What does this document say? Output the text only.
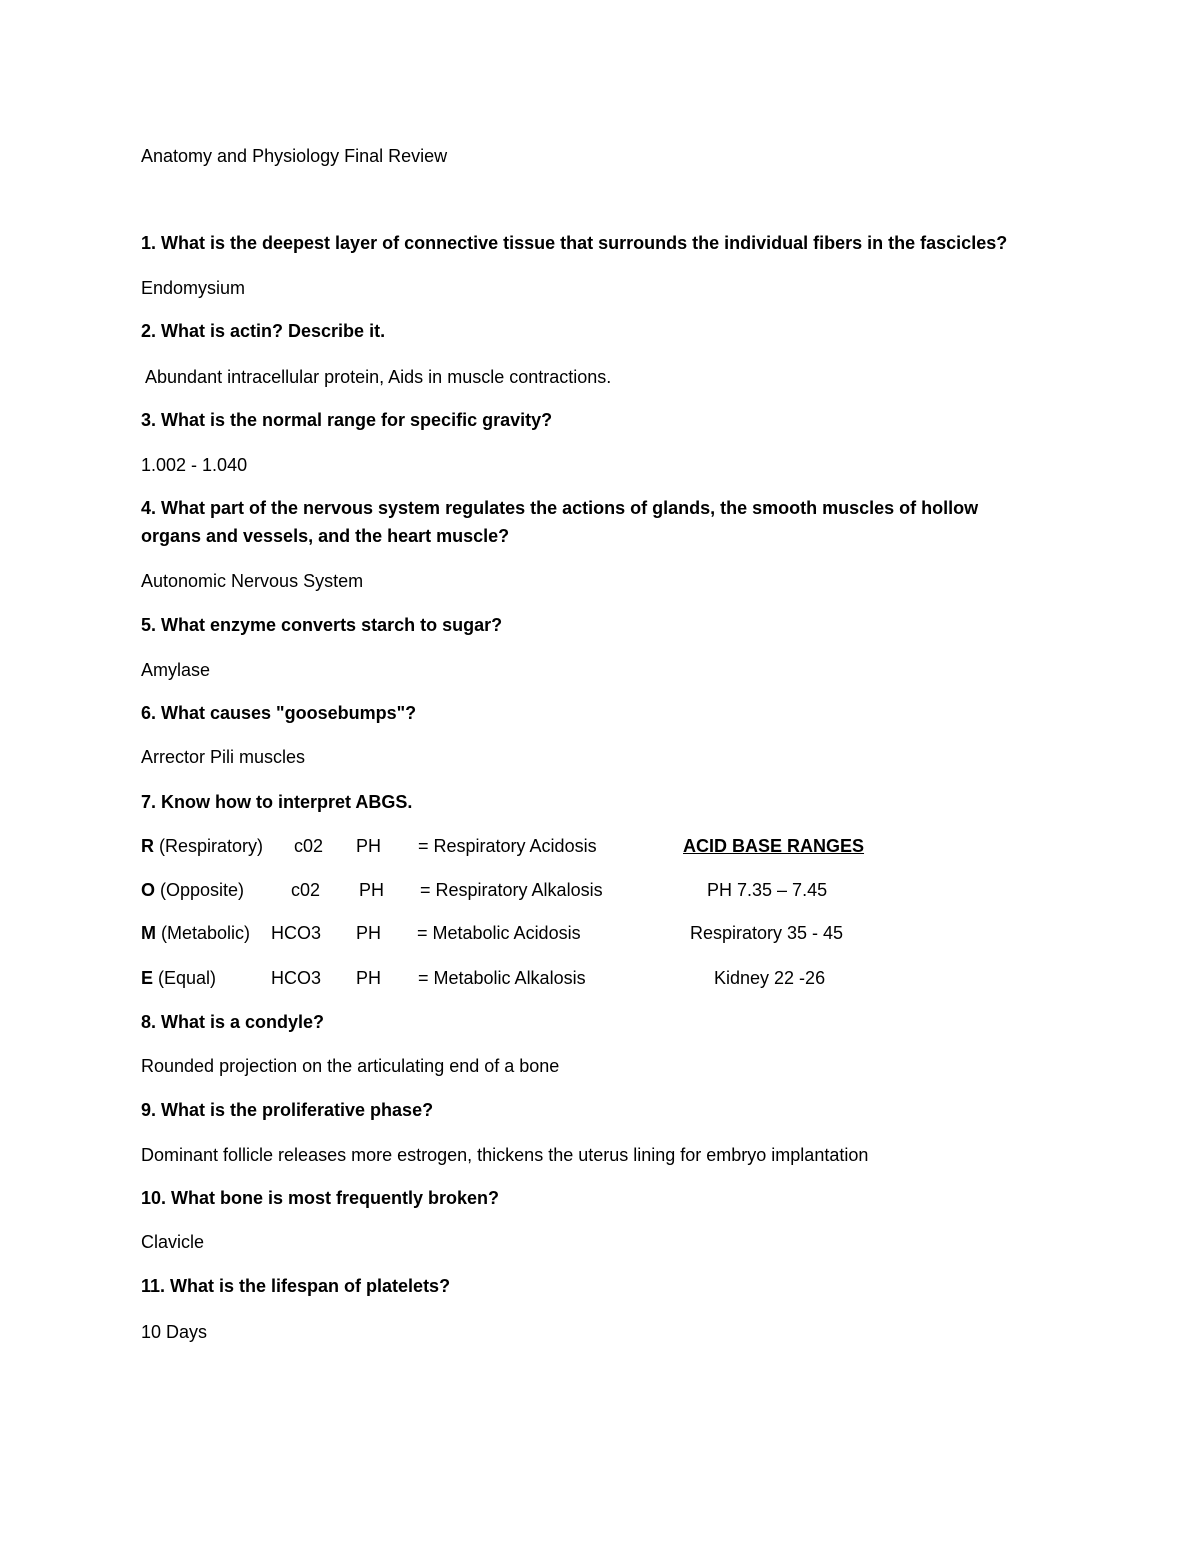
Anatomy and Physiology Final Review
1. What is the deepest layer of connective tissue that surrounds the individual fibers in the fascicles?
Endomysium
2. What is actin? Describe it.
Abundant intracellular protein, Aids in muscle contractions.
3. What is the normal range for specific gravity?
1.002 - 1.040
4. What part of the nervous system regulates the actions of glands, the smooth muscles of hollow
organs and vessels, and the heart muscle?
Autonomic Nervous System
5. What enzyme converts starch to sugar?
Amylase
6. What causes "goosebumps"?
Arrector Pili muscles
7. Know how to interpret ABGS.
R (Respiratory) c02 PH = Respiratory Acidosis	ACID BASE RANGES
O (Opposite)	c02 PH = Respiratory Alkalosis	PH 7.35 – 7.45
M (Metabolic) HCO3 PH = Metabolic Acidosis	Respiratory 35 - 45
E (Equal)	HCO3 PH = Metabolic Alkalosis	Kidney 22 -26
8. What is a condyle?
Rounded projection on the articulating end of a bone
9. What is the proliferative phase?
Dominant follicle releases more estrogen, thickens the uterus lining for embryo implantation
10. What bone is most frequently broken?
Clavicle
11. What is the lifespan of platelets?
10 Days
